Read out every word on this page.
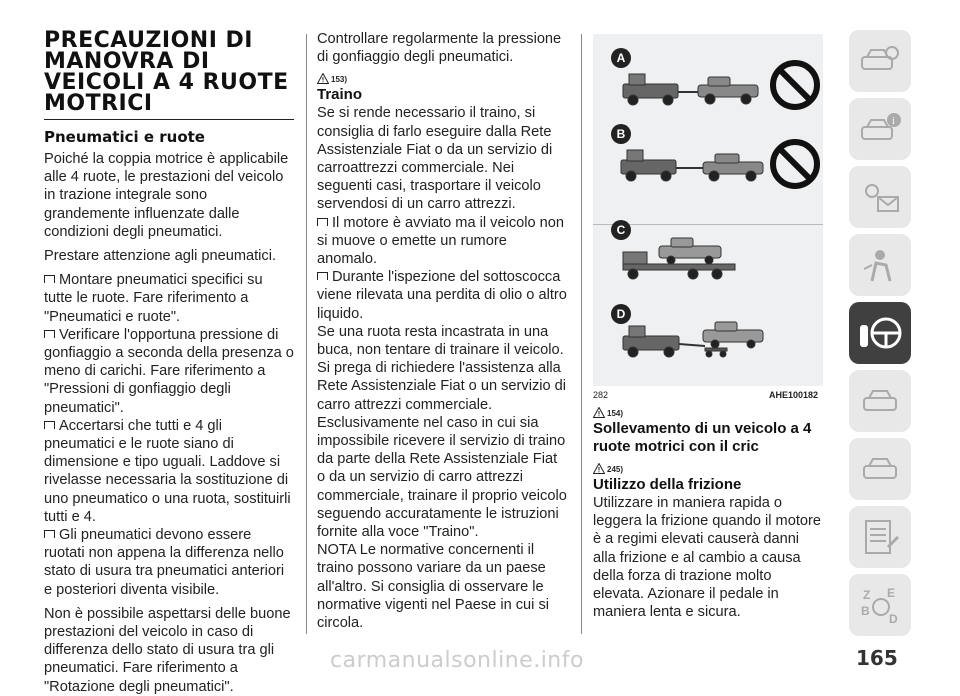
PRECAUZIONI DI MANOVRA DI VEICOLI A 4 RUOTE MOTRICI
Pneumatici e ruote

Poiché la coppia motrice è applicabile alle 4 ruote, le prestazioni del veicolo in trazione integrale sono grandemente influenzate dalle condizioni degli pneumatici.

Prestare attenzione agli pneumatici.

Montare pneumatici specifici su tutte le ruote. Fare riferimento a "Pneumatici e ruote".

Verificare l'opportuna pressione di gonfiaggio a seconda della presenza o meno di carichi. Fare riferimento a "Pressioni di gonfiaggio degli pneumatici".

Accertarsi che tutti e 4 gli pneumatici e le ruote siano di dimensione e tipo uguali. Laddove si rivelasse necessaria la sostituzione di uno pneumatico o una ruota, sostituirli tutti e 4.

Gli pneumatici devono essere ruotati non appena la differenza nello stato di usura tra pneumatici anteriori e posteriori diventa visibile.

Non è possibile aspettarsi delle buone prestazioni del veicolo in caso di differenza dello stato di usura tra gli pneumatici. Fare riferimento a "Rotazione degli pneumatici".

Controllare regolarmente la pressione di gonfiaggio degli pneumatici.

153)
Traino

Se si rende necessario il traino, si consiglia di farlo eseguire dalla Rete Assistenziale Fiat o da un servizio di carroattrezzi commerciale. Nei seguenti casi, trasportare il veicolo servendosi di un carro attrezzi.

Il motore è avviato ma il veicolo non si muove o emette un rumore anomalo.

Durante l'ispezione del sottoscocca viene rilevata una perdita di olio o altro liquido.

Se una ruota resta incastrata in una buca, non tentare di trainare il veicolo. Si prega di richiedere l'assistenza alla Rete Assistenziale Fiat o un servizio di carro attrezzi commerciale.

Esclusivamente nel caso in cui sia impossibile ricevere il servizio di traino da parte della Rete Assistenziale Fiat o da un servizio di carro attrezzi commerciale, trainare il proprio veicolo seguendo accuratamente le istruzioni fornite alla voce "Traino".

NOTA Le normative concernenti il traino possono variare da un paese all'altro. Si consiglia di osservare le normative vigenti nel Paese in cui si circola.

A
B
C
D
282	AHE100182
154)
Sollevamento di un veicolo a 4 ruote motrici con il cric
245)
Utilizzo della frizione

Utilizzare in maniera rapida o leggera la frizione quando il motore è a regimi elevati causerà danni alla frizione e al cambio a causa della forza di trazione molto elevata. Azionare il pedale in maniera lenta e sicura.

i
Z E
B
D
165
carmanualsonline.info
